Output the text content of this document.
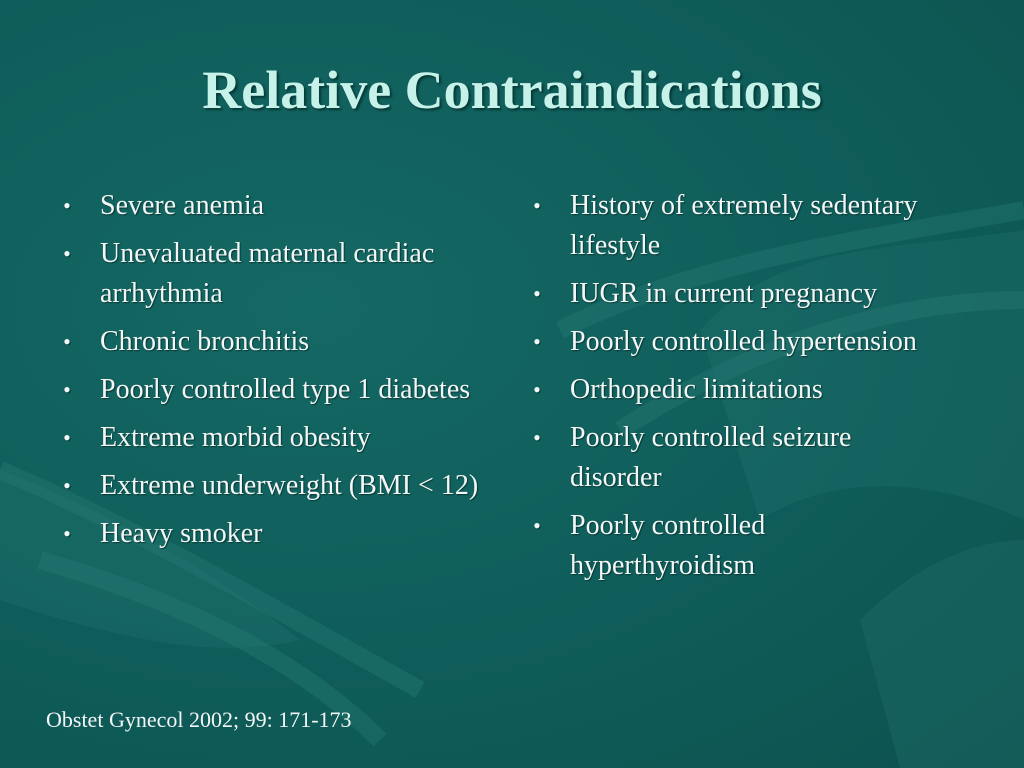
Relative Contraindications
• Severe anemia
• Unevaluated maternal cardiac arrhythmia
• Chronic bronchitis
• Poorly controlled type 1 diabetes
• Extreme morbid obesity
• Extreme underweight (BMI < 12)
• Heavy smoker
• History of extremely sedentary lifestyle
• IUGR in current pregnancy
• Poorly controlled hypertension
• Orthopedic limitations
• Poorly controlled seizure disorder
• Poorly controlled hyperthyroidism

Obstet Gynecol 2002; 99: 171-173
